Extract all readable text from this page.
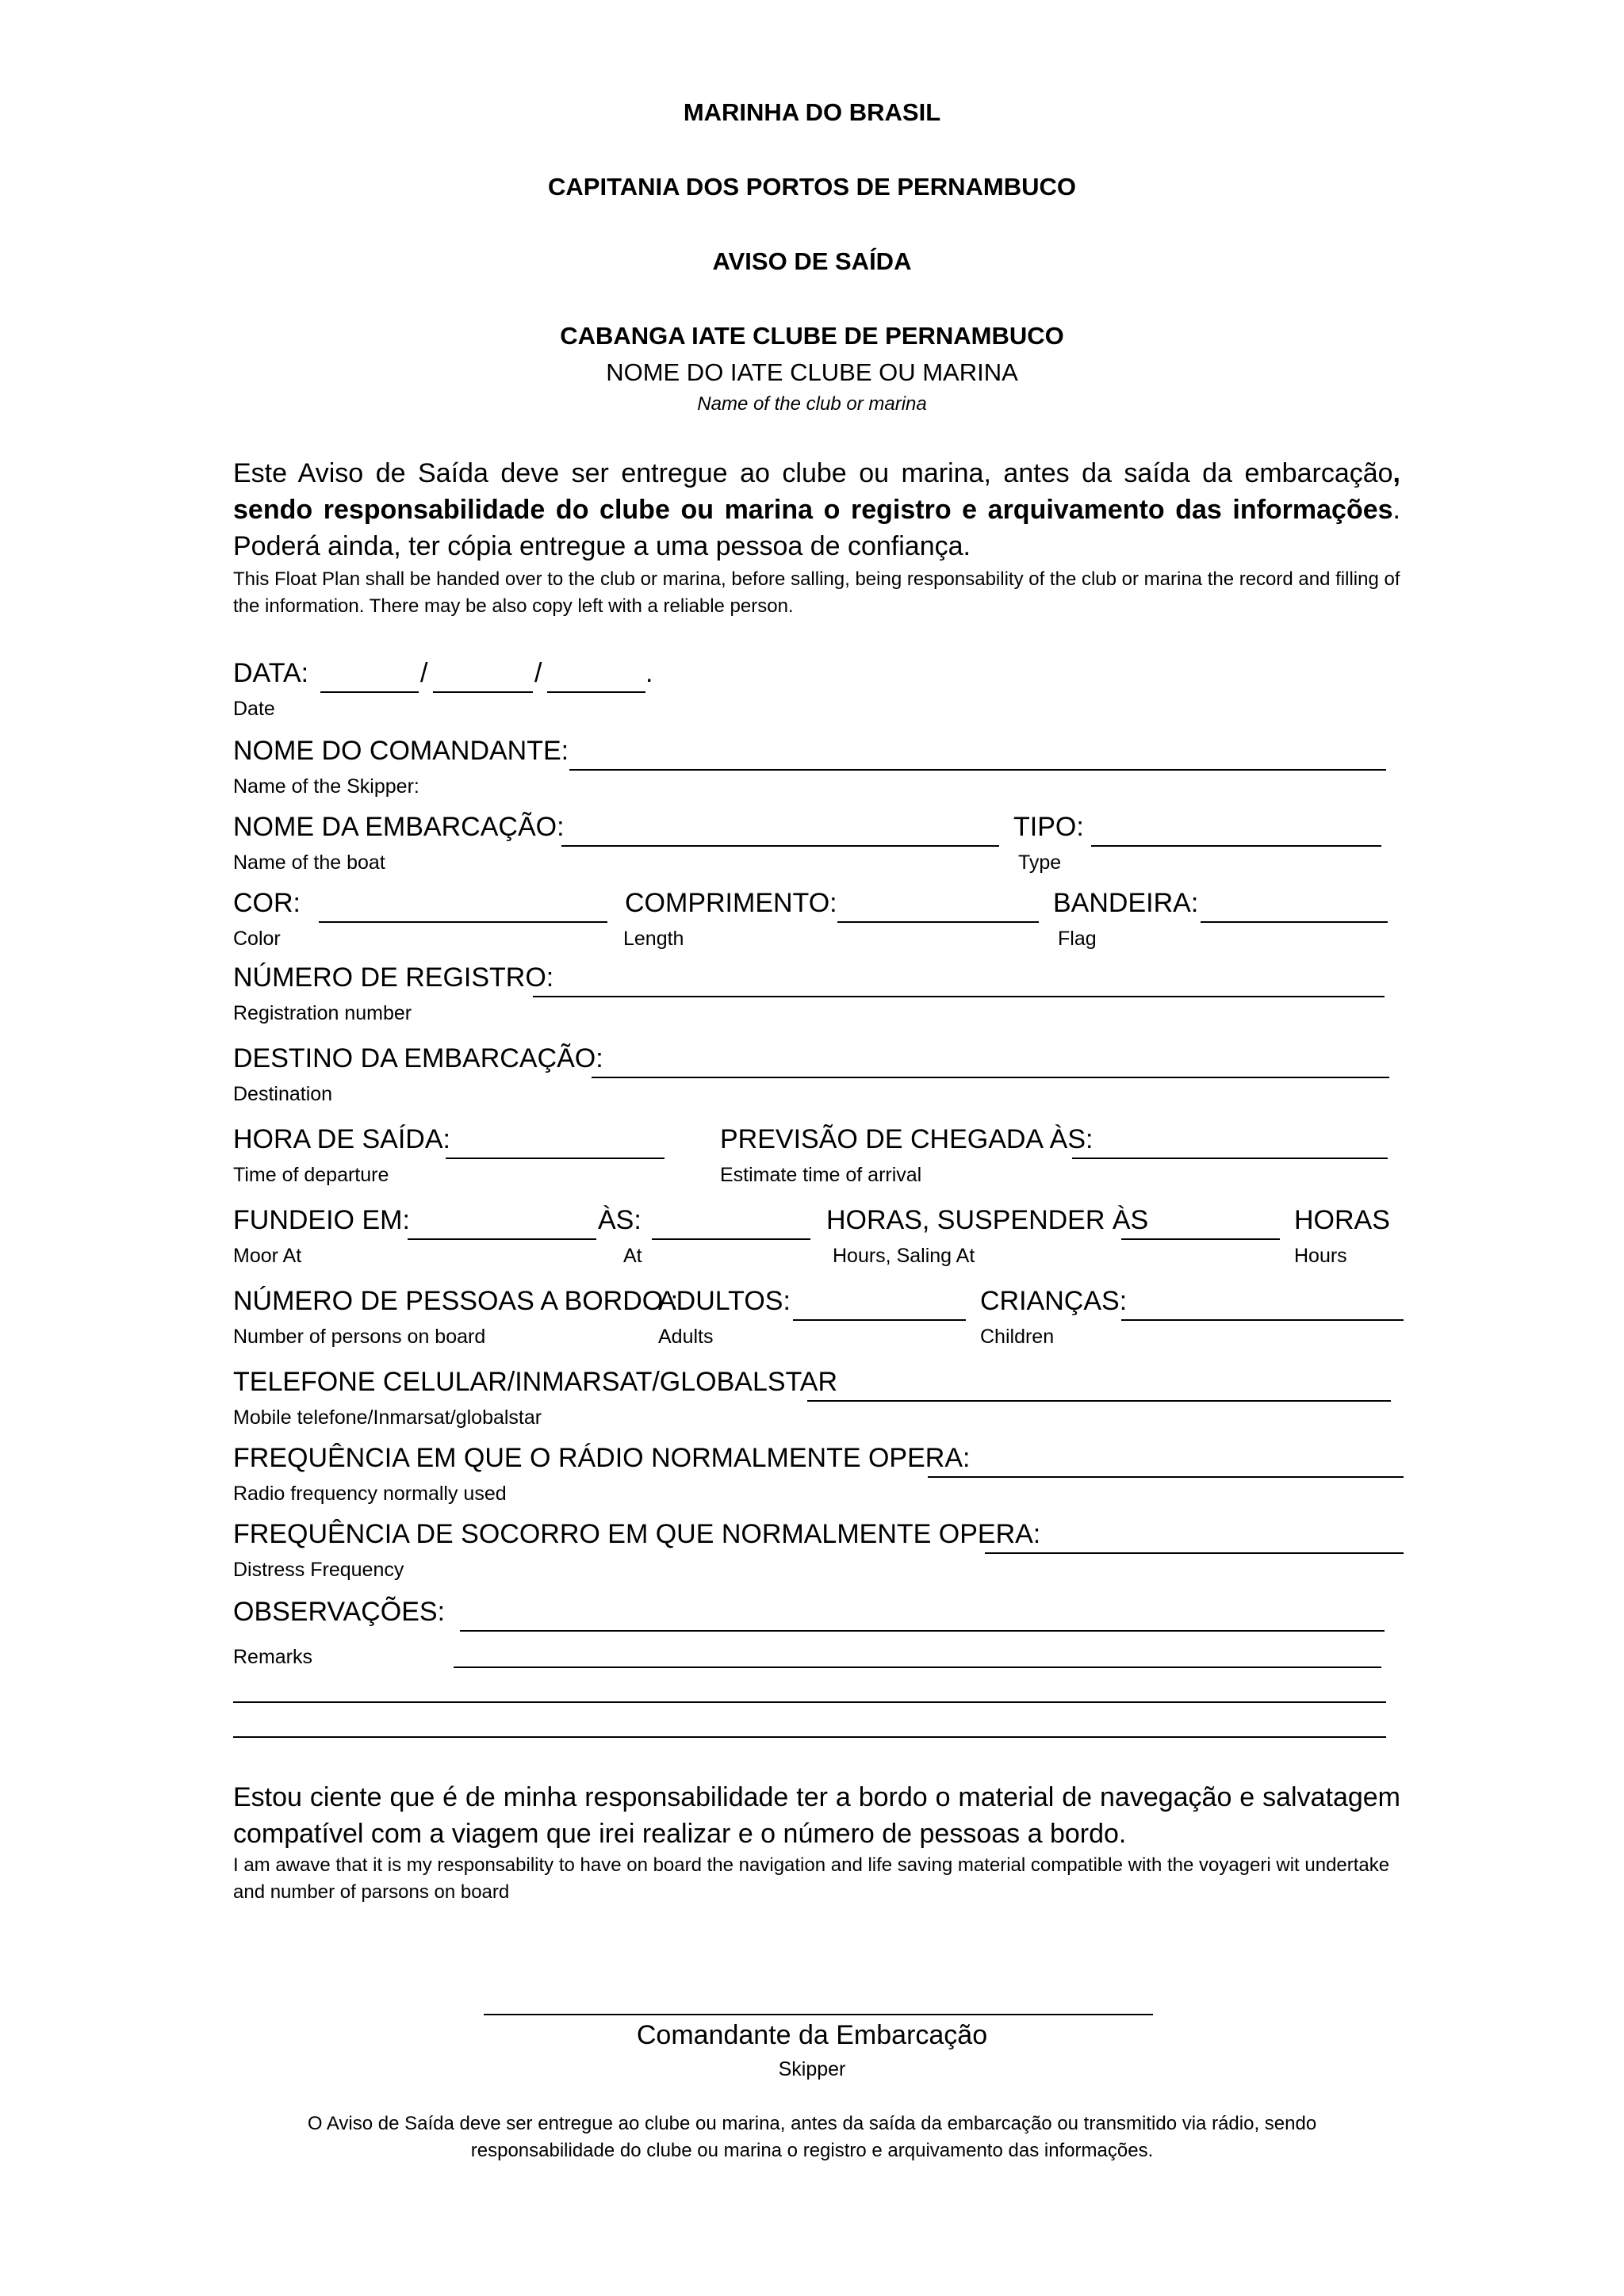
MARINHA DO BRASIL
CAPITANIA DOS PORTOS DE PERNAMBUCO
AVISO DE SAÍDA
CABANGA IATE CLUBE DE PERNAMBUCO
NOME DO IATE CLUBE OU MARINA
Name of the club or marina
Este Aviso de Saída deve ser entregue ao clube ou marina, antes da saída da embarcação, sendo responsabilidade do clube ou marina o registro e arquivamento das informações. Poderá ainda, ter cópia entregue a uma pessoa de confiança.
This Float Plan shall be handed over to the club or marina, before salling, being responsability of the club or marina the record and filling of the information. There may be also copy left with a reliable person.
DATA:	/	/	.
Date
NOME DO COMANDANTE:
Name of the Skipper:
NOME DA EMBARCAÇÃO:
Name of the boat
TIPO:
Type
COR:
Color
COMPRIMENTO:
Length
BANDEIRA:
Flag
NÚMERO DE REGISTRO:
Registration number
DESTINO DA EMBARCAÇÃO:
Destination
HORA DE SAÍDA:
Time of departure
PREVISÃO DE CHEGADA ÀS:
Estimate time of arrival
FUNDEIO EM:
Moor At
ÀS:
At
HORAS, SUSPENDER ÀS
Hours, Saling At
HORAS
Hours
NÚMERO DE PESSOAS A BORDO :
Number of persons on board
ADULTOS:
Adults
CRIANÇAS:
Children
TELEFONE CELULAR/INMARSAT/GLOBALSTAR
Mobile telefone/Inmarsat/globalstar
FREQUÊNCIA EM QUE O RÁDIO NORMALMENTE OPERA:
Radio frequency normally used
FREQUÊNCIA DE SOCORRO EM QUE NORMALMENTE OPERA:
Distress Frequency
OBSERVAÇÕES:
Remarks
Estou ciente que é de minha responsabilidade ter a bordo o material de navegação e salvatagem compatível com a viagem que irei realizar e o número de pessoas a bordo.
I am awave that it is my responsability to have on board the navigation and life saving material compatible with the voyageri wit undertake and number of parsons on board
Comandante da Embarcação
Skipper
O Aviso de Saída deve ser entregue ao clube ou marina, antes da saída da embarcação ou transmitido via rádio, sendo responsabilidade do clube ou marina o registro e arquivamento das informações.
